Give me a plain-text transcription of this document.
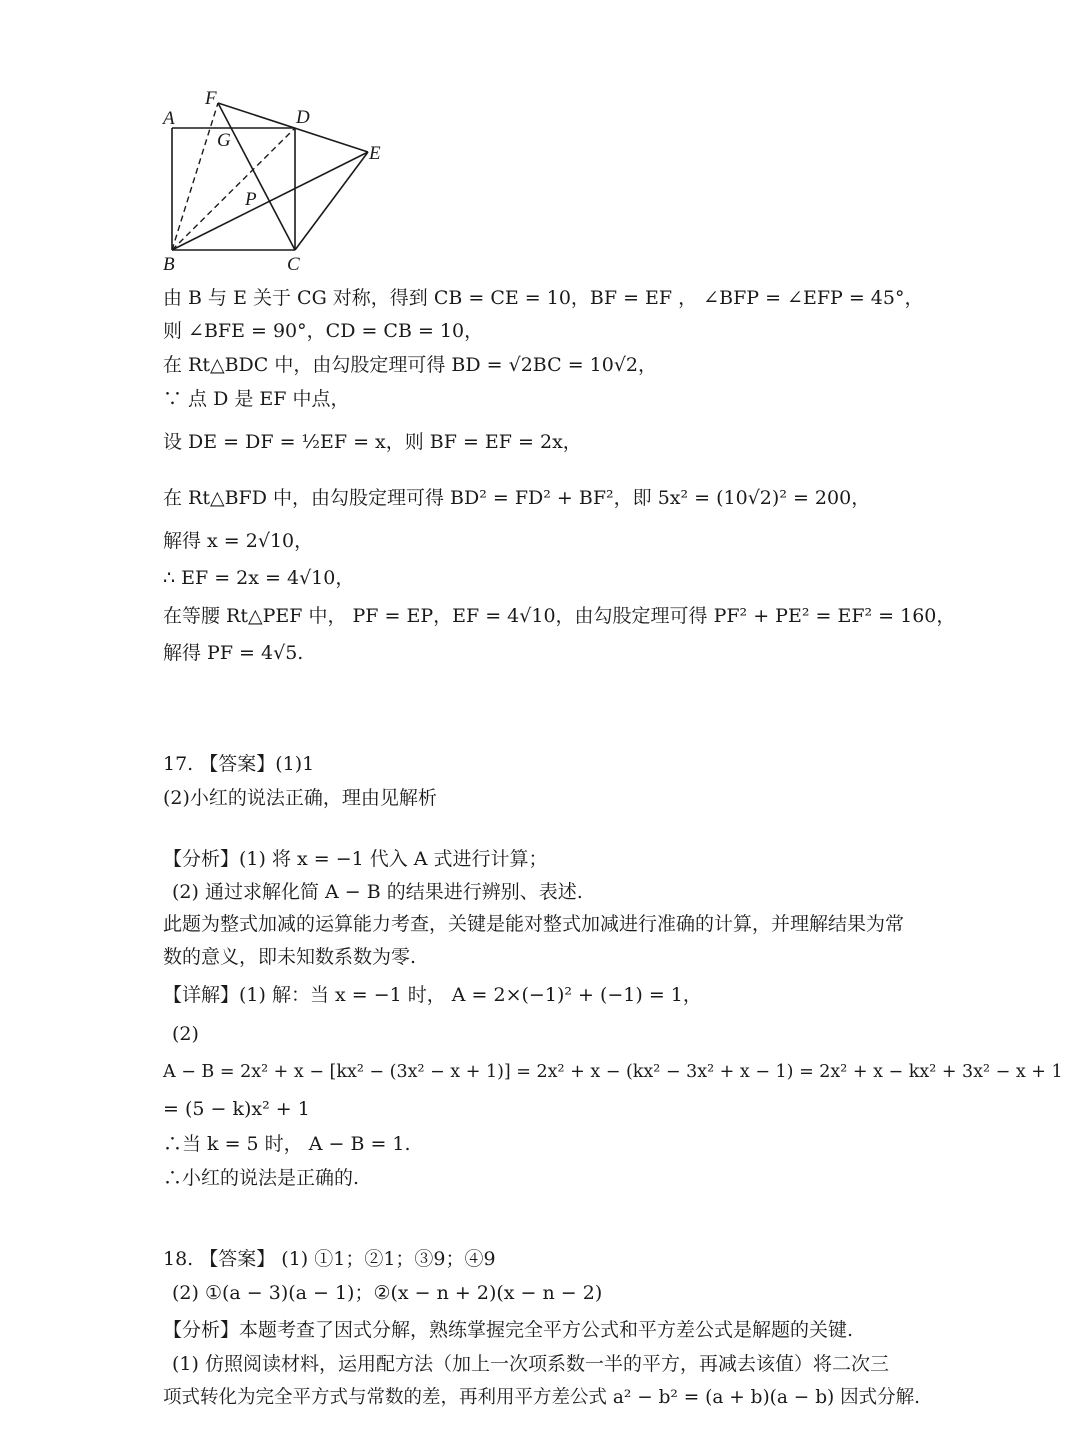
A
F
D
G
E
P
B	C
由 B 与 E 关于 CG 对称，得到 CB = CE = 10，BF = EF ， ∠BFP = ∠EFP = 45°，
则 ∠BFE = 90°，CD = CB = 10，
在 Rt△BDC 中，由勾股定理可得 BD = √2BC = 10√2，
∵ 点 D 是 EF 中点，
设 DE = DF = ½EF = x，则 BF = EF = 2x，
在 Rt△BFD 中，由勾股定理可得 BD² = FD² + BF²，即 5x² = (10√2)² = 200，
解得 x = 2√10，
∴ EF = 2x = 4√10，
在等腰 Rt△PEF 中， PF = EP，EF = 4√10，由勾股定理可得 PF² + PE² = EF² = 160，
解得 PF = 4√5.
17. 【答案】(1)1
(2)小红的说法正确，理由见解析
【分析】(1) 将 x = −1 代入 A 式进行计算；
(2) 通过求解化简 A − B 的结果进行辨别、表述.
此题为整式加减的运算能力考查，关键是能对整式加减进行准确的计算，并理解结果为常
数的意义，即未知数系数为零.
【详解】(1) 解：当 x = −1 时， A = 2×(−1)² + (−1) = 1，
(2)
A − B = 2x² + x − [kx² − (3x² − x + 1)] = 2x² + x − (kx² − 3x² + x − 1) = 2x² + x − kx² + 3x² − x + 1
= (5 − k)x² + 1
∴当 k = 5 时， A − B = 1.
∴小红的说法是正确的.
18. 【答案】 (1) ①1；②1；③9；④9
(2) ①(a − 3)(a − 1)；②(x − n + 2)(x − n − 2)
【分析】本题考查了因式分解，熟练掌握完全平方公式和平方差公式是解题的关键.
(1) 仿照阅读材料，运用配方法（加上一次项系数一半的平方，再减去该值）将二次三
项式转化为完全平方式与常数的差，再利用平方差公式 a² − b² = (a + b)(a − b) 因式分解.
